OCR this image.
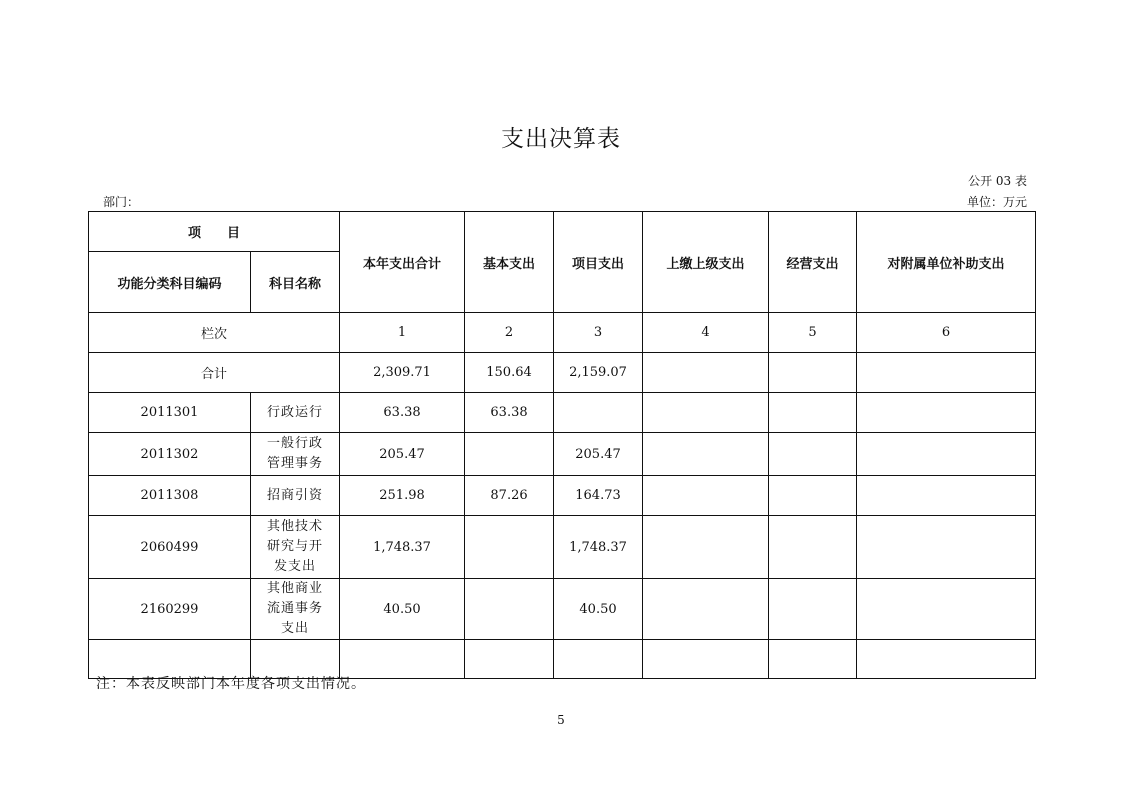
支出决算表
公开 03 表
部门：	单位：万元
项　　目		本年支出合计	基本支出	项目支出	上缴上级支出	经营支出	对附属单位补助支出
功能分类科目编码	科目名称						
栏次		1	2	3	4	5	6
合计		2,309.71	150.64	2,159.07			
2011301	行政运行	63.38	63.38				
2011302	一般行政管理事务	205.47		205.47			
2011308	招商引资	251.98	87.26	164.73			
2060499	其他技术研究与开发支出	1,748.37		1,748.37			
2160299	其他商业流通事务支出	40.50		40.50			

注：本表反映部门本年度各项支出情况。
5
